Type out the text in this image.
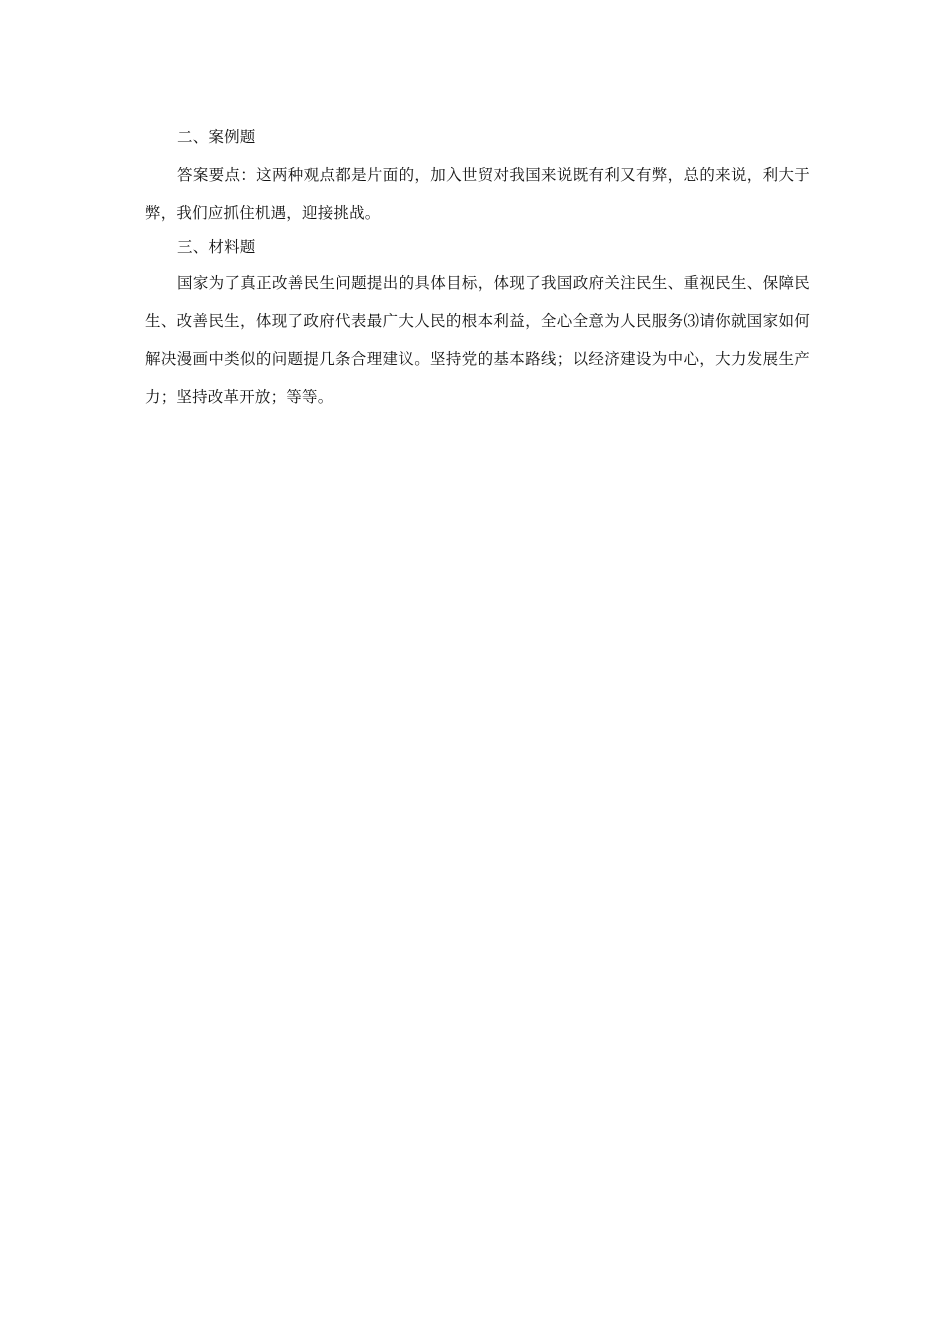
二、案例题

答案要点：这两种观点都是片面的，加入世贸对我国来说既有利又有弊，总的来说，利大于弊，我们应抓住机遇，迎接挑战。

三、材料题

国家为了真正改善民生问题提出的具体目标，体现了我国政府关注民生、重视民生、保障民生、改善民生，体现了政府代表最广大人民的根本利益，全心全意为人民服务⑶请你就国家如何解决漫画中类似的问题提几条合理建议。坚持党的基本路线；以经济建设为中心，大力发展生产力；坚持改革开放；等等。
